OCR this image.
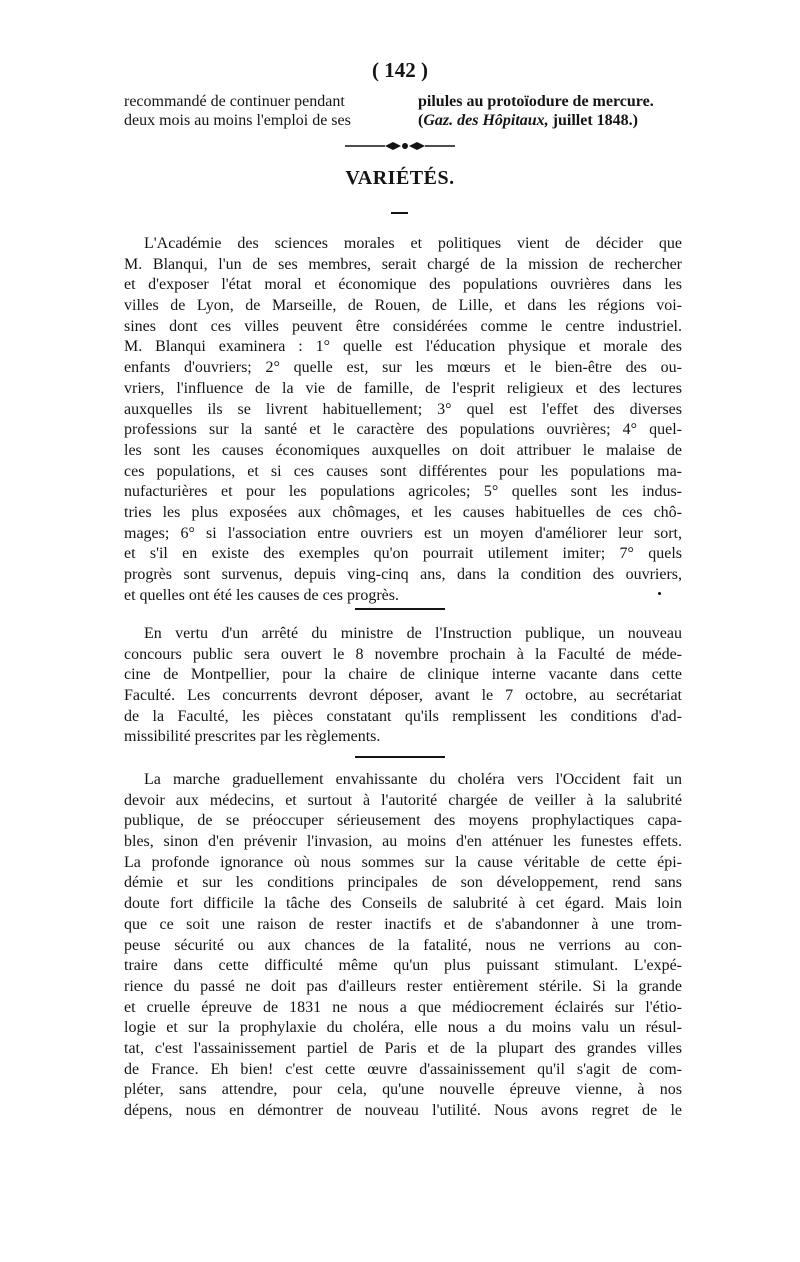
( 142 )
recommandé de continuer pendant
deux mois au moins l'emploi de ses
pilules au protoïodure de mercure.
(Gaz. des Hôpitaux, juillet 1848.)
VARIÉTÉS.
L'Académie des sciences morales et politiques vient de décider que
M. Blanqui, l'un de ses membres, serait chargé de la mission de rechercher
et d'exposer l'état moral et économique des populations ouvrières dans les
villes de Lyon, de Marseille, de Rouen, de Lille, et dans les régions voi-
sines dont ces villes peuvent être considérées comme le centre industriel.
M. Blanqui examinera : 1° quelle est l'éducation physique et morale des
enfants d'ouvriers; 2° quelle est, sur les mœurs et le bien-être des ou-
vriers, l'influence de la vie de famille, de l'esprit religieux et des lectures
auxquelles ils se livrent habituellement; 3° quel est l'effet des diverses
professions sur la santé et le caractère des populations ouvrières; 4° quel-
les sont les causes économiques auxquelles on doit attribuer le malaise de
ces populations, et si ces causes sont différentes pour les populations ma-
nufacturières et pour les populations agricoles; 5° quelles sont les indus-
tries les plus exposées aux chômages, et les causes habituelles de ces chô-
mages; 6° si l'association entre ouvriers est un moyen d'améliorer leur sort,
et s'il en existe des exemples qu'on pourrait utilement imiter; 7° quels
progrès sont survenus, depuis ving-cinq ans, dans la condition des ouvriers,
et quelles ont été les causes de ces progrès.
En vertu d'un arrêté du ministre de l'Instruction publique, un nouveau
concours public sera ouvert le 8 novembre prochain à la Faculté de méde-
cine de Montpellier, pour la chaire de clinique interne vacante dans cette
Faculté. Les concurrents devront déposer, avant le 7 octobre, au secrétariat
de la Faculté, les pièces constatant qu'ils remplissent les conditions d'ad-
missibilité prescrites par les règlements.
La marche graduellement envahissante du choléra vers l'Occident fait un
devoir aux médecins, et surtout à l'autorité chargée de veiller à la salubrité
publique, de se préoccuper sérieusement des moyens prophylactiques capa-
bles, sinon d'en prévenir l'invasion, au moins d'en atténuer les funestes effets.
La profonde ignorance où nous sommes sur la cause véritable de cette épi-
démie et sur les conditions principales de son développement, rend sans
doute fort difficile la tâche des Conseils de salubrité à cet égard. Mais loin
que ce soit une raison de rester inactifs et de s'abandonner à une trom-
peuse sécurité ou aux chances de la fatalité, nous ne verrions au con-
traire dans cette difficulté même qu'un plus puissant stimulant. L'expé-
rience du passé ne doit pas d'ailleurs rester entièrement stérile. Si la grande
et cruelle épreuve de 1831 ne nous a que médiocrement éclairés sur l'étio-
logie et sur la prophylaxie du choléra, elle nous a du moins valu un résul-
tat, c'est l'assainissement partiel de Paris et de la plupart des grandes villes
de France. Eh bien! c'est cette œuvre d'assainissement qu'il s'agit de com-
pléter, sans attendre, pour cela, qu'une nouvelle épreuve vienne, à nos
dépens, nous en démontrer de nouveau l'utilité. Nous avons regret de le
